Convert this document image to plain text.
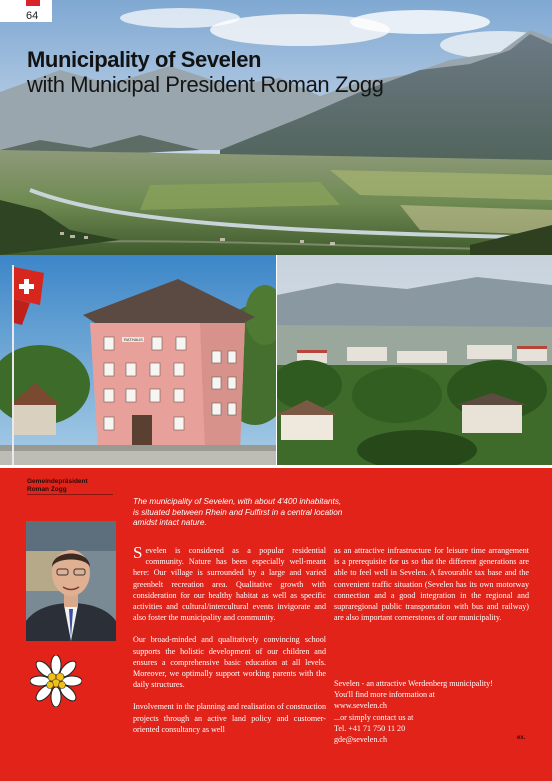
64
Municipality of Sevelen
with Municipal President Roman Zogg
RATHAUS
Gemeindepräsident
Roman Zogg
The municipality of Sevelen, with about 4'400 inhabitants, is situated between Rhein and Fulfirst in a central location amidst intact nature.

Sevelen is considered as a popular residential community. Nature has been especially well-meant here: Our village is surrounded by a large and varied greenbelt recreation area. Qualitative growth with consideration for our healthy habitat as well as specific activities and cultural/intercultural events invigorate and also foster the municipality and community.

Our broad-minded and qualitatively convincing school supports the holistic development of our children and ensures a comprehensive basic education at all levels. Moreover, we optimally support working parents with the daily structures.

Involvement in the planning and realisation of construction projects through an active land policy and customer-oriented consultancy as well

as an attractive infrastructure for leisure time arrangement is a prerequisite for us so that the different generations are able to feel well in Sevelen. A favourable tax base and the convenient traffic situation (Sevelen has its own motorway connection and a good integration in the regional and supraregional public transportation with bus and railway) are also important cornerstones of our municipality.

Sevelen - an attractive Werdenberg municipality!
You'll find more information at
www.sevelen.ch
...or simply contact us at
Tel. +41 71 750 11 20
gde@sevelen.ch	ex.
